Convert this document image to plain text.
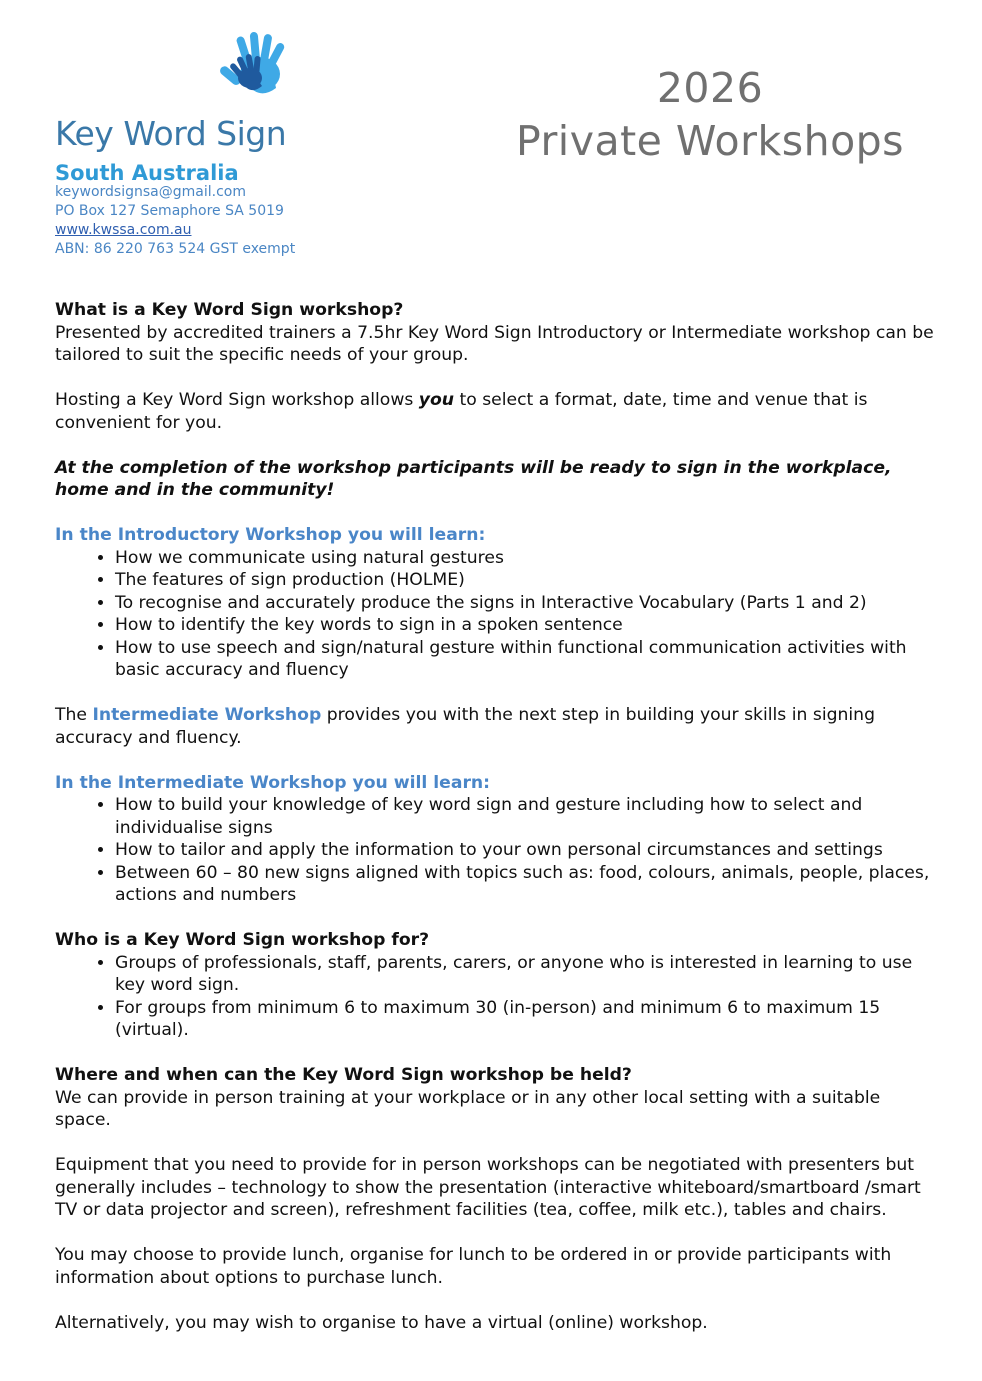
Key Word Sign
South Australia
keywordsignsa@gmail.com
PO Box 127 Semaphore SA 5019
www.kwssa.com.au
ABN: 86 220 763 524 GST exempt
2026
Private Workshops
What is a Key Word Sign workshop?

Presented by accredited trainers a 7.5hr Key Word Sign Introductory or Intermediate workshop can be tailored to suit the specific needs of your group.

Hosting a Key Word Sign workshop allows you to select a format, date, time and venue that is convenient for you.

At the completion of the workshop participants will be ready to sign in the workplace, home and in the community!

In the Introductory Workshop you will learn:
• How we communicate using natural gestures
• The features of sign production (HOLME)
• To recognise and accurately produce the signs in Interactive Vocabulary (Parts 1 and 2)
• How to identify the key words to sign in a spoken sentence
• How to use speech and sign/natural gesture within functional communication activities with basic accuracy and fluency

The Intermediate Workshop provides you with the next step in building your skills in signing accuracy and fluency.

In the Intermediate Workshop you will learn:
• How to build your knowledge of key word sign and gesture including how to select and individualise signs
• How to tailor and apply the information to your own personal circumstances and settings
• Between 60 – 80 new signs aligned with topics such as: food, colours, animals, people, places, actions and numbers
Who is a Key Word Sign workshop for?
• Groups of professionals, staff, parents, carers, or anyone who is interested in learning to use key word sign.
• For groups from minimum 6 to maximum 30 (in-person) and minimum 6 to maximum 15 (virtual).
Where and when can the Key Word Sign workshop be held?

We can provide in person training at your workplace or in any other local setting with a suitable space.

Equipment that you need to provide for in person workshops can be negotiated with presenters but generally includes – technology to show the presentation (interactive whiteboard/smartboard /smart TV or data projector and screen), refreshment facilities (tea, coffee, milk etc.), tables and chairs.

You may choose to provide lunch, organise for lunch to be ordered in or provide participants with information about options to purchase lunch.

Alternatively, you may wish to organise to have a virtual (online) workshop.
